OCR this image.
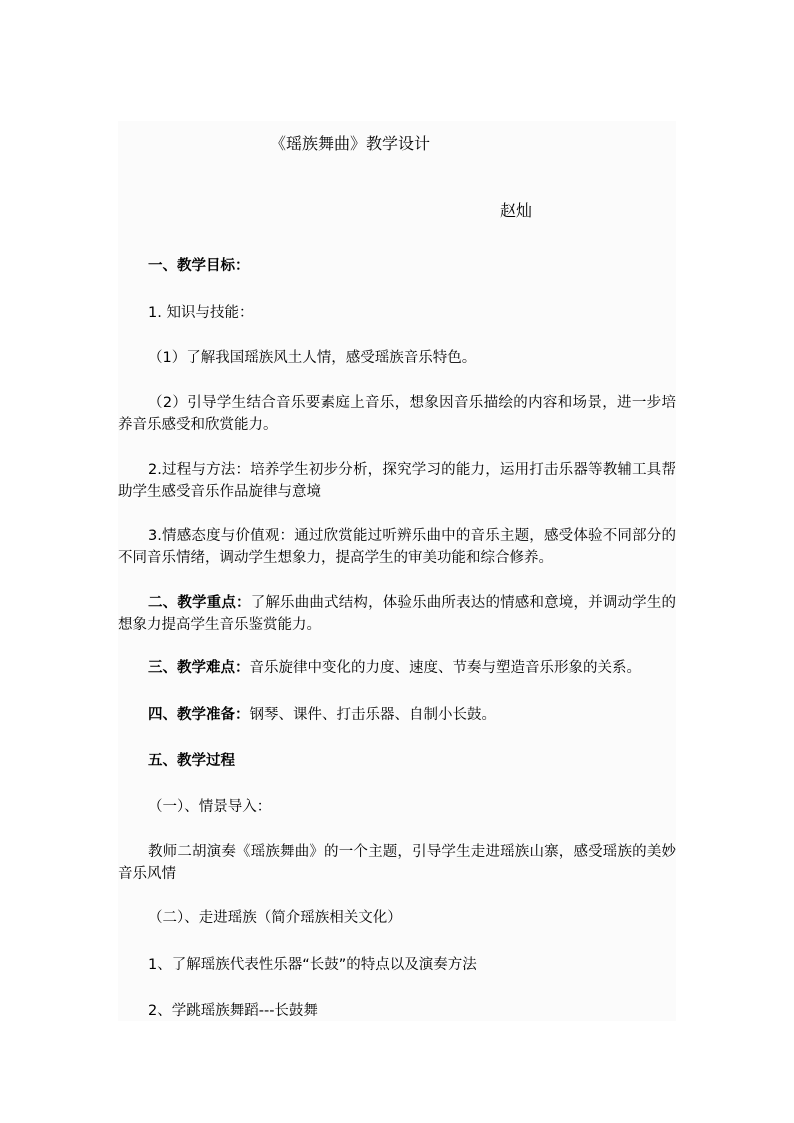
《瑶族舞曲》教学设计

赵灿

一、教学目标：

1. 知识与技能：

（1）了解我国瑶族风土人情，感受瑶族音乐特色。

（2）引导学生结合音乐要素庭上音乐，想象因音乐描绘的内容和场景，进一步培养音乐感受和欣赏能力。

2.过程与方法：培养学生初步分析，探究学习的能力，运用打击乐器等教辅工具帮助学生感受音乐作品旋律与意境

3.情感态度与价值观：通过欣赏能过听辨乐曲中的音乐主题，感受体验不同部分的不同音乐情绪，调动学生想象力，提高学生的审美功能和综合修养。

二、教学重点：了解乐曲曲式结构，体验乐曲所表达的情感和意境，并调动学生的想象力提高学生音乐鉴赏能力。

三、教学难点：音乐旋律中变化的力度、速度、节奏与塑造音乐形象的关系。

四、教学准备：钢琴、课件、打击乐器、自制小长鼓。

五、教学过程

（一）、情景导入：

教师二胡演奏《瑶族舞曲》的一个主题，引导学生走进瑶族山寨，感受瑶族的美妙音乐风情

（二）、走进瑶族（简介瑶族相关文化）

1、了解瑶族代表性乐器“长鼓”的特点以及演奏方法

2、学跳瑶族舞蹈---长鼓舞
